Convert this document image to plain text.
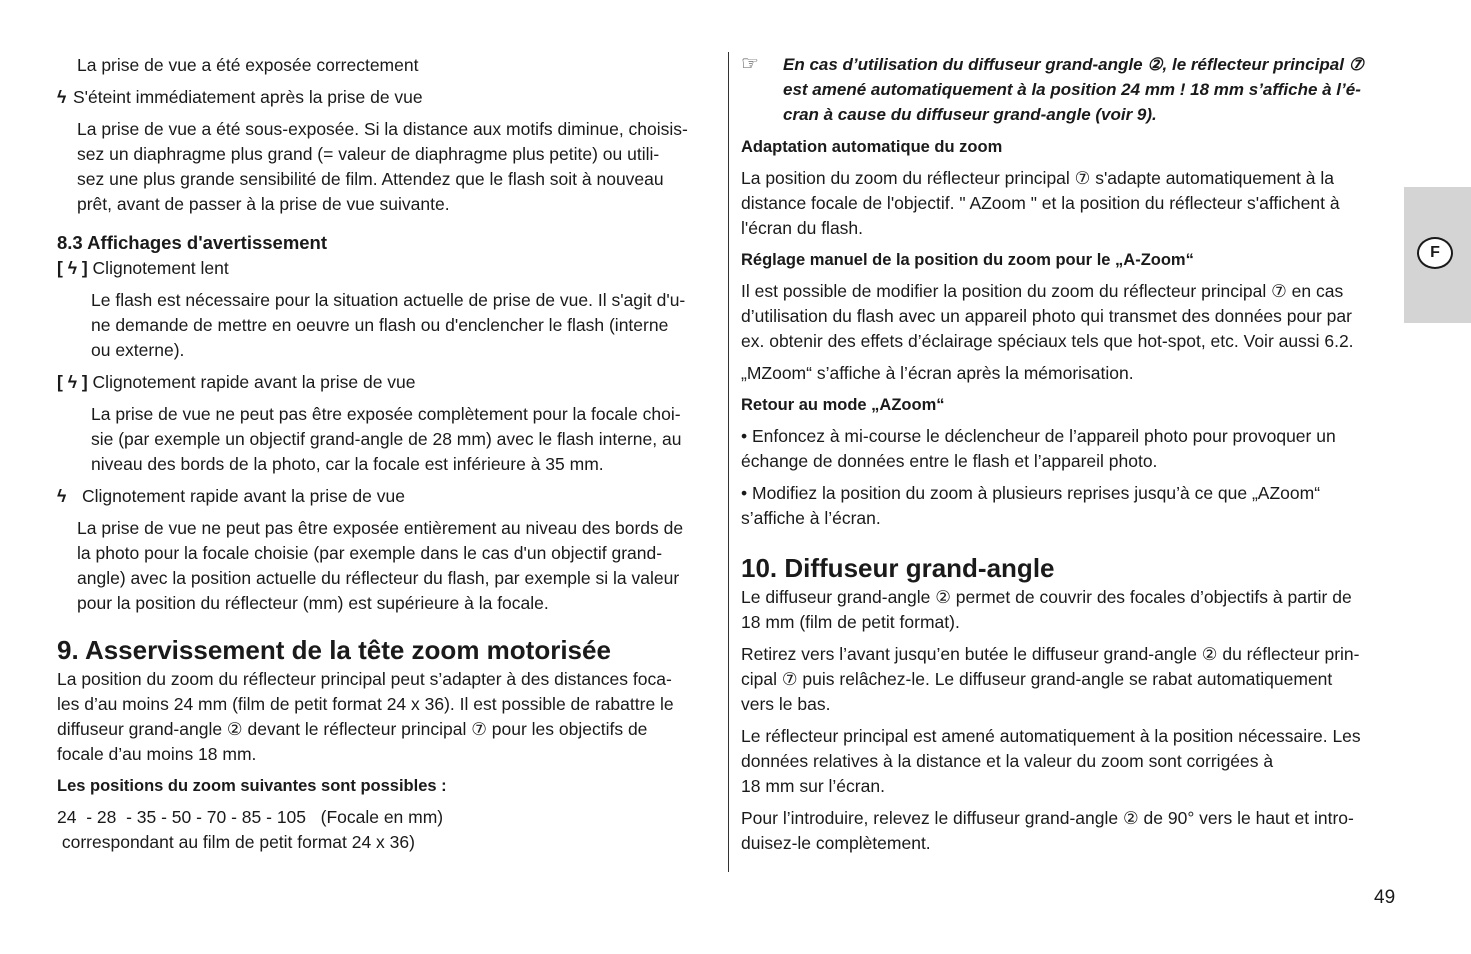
La prise de vue a été exposée correctement

ϟ S'éteint immédiatement après la prise de vue

La prise de vue a été sous-exposée. Si la distance aux motifs diminue, choisis-
sez un diaphragme plus grand (= valeur de diaphragme plus petite) ou utili-
sez une plus grande sensibilité de film. Attendez que le flash soit à nouveau
prêt, avant de passer à la prise de vue suivante.
8.3 Affichages d'avertissement

[ ϟ ] Clignotement lent

Le flash est nécessaire pour la situation actuelle de prise de vue. Il s'agit d'u-
ne demande de mettre en oeuvre un flash ou d'enclencher le flash (interne
ou externe).

[ ϟ ] Clignotement rapide avant la prise de vue

La prise de vue ne peut pas être exposée complètement pour la focale choi-
sie (par exemple un objectif grand-angle de 28 mm) avec le flash interne, au
niveau des bords de la photo, car la focale est inférieure à 35 mm.

ϟ Clignotement rapide avant la prise de vue

La prise de vue ne peut pas être exposée entièrement au niveau des bords de
la photo pour la focale choisie (par exemple dans le cas d'un objectif grand-
angle) avec la position actuelle du réflecteur du flash, par exemple si la valeur
pour la position du réflecteur (mm) est supérieure à la focale.
9. Asservissement de la tête zoom motorisée
La position du zoom du réflecteur principal peut s’adapter à des distances foca-
les d’au moins 24 mm (film de petit format 24 x 36). Il est possible de rabattre le
diffuseur grand-angle ② devant le réflecteur principal ⑦ pour les objectifs de
focale d’au moins 18 mm.

Les positions du zoom suivantes sont possibles :

24  - 28  - 35 - 50 - 70 - 85 - 105   (Focale en mm)

correspondant au film de petit format 24 x 36)

☞ En cas d’utilisation du diffuseur grand-angle ②, le réflecteur principal ⑦
est amené automatiquement à la position 24 mm ! 18 mm s’affiche à l’é-
cran à cause du diffuseur grand-angle (voir 9).

Adaptation automatique du zoom

La position du zoom du réflecteur principal ⑦ s'adapte automatiquement à la
distance focale de l'objectif. " AZoom " et la position du réflecteur s'affichent à
l'écran du flash.

Réglage manuel de la position du zoom pour le „A-Zoom“

Il est possible de modifier la position du zoom du réflecteur principal ⑦ en cas
d’utilisation du flash avec un appareil photo qui transmet des données pour par
ex. obtenir des effets d’éclairage spéciaux tels que hot-spot, etc. Voir aussi 6.2.

„MZoom“ s’affiche à l’écran après la mémorisation.

Retour au mode „AZoom“

• Enfoncez à mi-course le déclencheur de l’appareil photo pour provoquer un
échange de données entre le flash et l’appareil photo.
• Modifiez la position du zoom à plusieurs reprises jusqu’à ce que „AZoom“
s’affiche à l’écran.
10. Diffuseur grand-angle
Le diffuseur grand-angle ② permet de couvrir des focales d’objectifs à partir de
18 mm (film de petit format).
Retirez vers l’avant jusqu’en butée le diffuseur grand-angle ② du réflecteur prin-
cipal ⑦ puis relâchez-le. Le diffuseur grand-angle se rabat automatiquement
vers le bas.
Le réflecteur principal est amené automatiquement à la position nécessaire. Les
données relatives à la distance et la valeur du zoom sont corrigées à
18 mm sur l’écran.
Pour l’introduire, relevez le diffuseur grand-angle ② de 90° vers le haut et intro-
duisez-le complètement.
F
49
